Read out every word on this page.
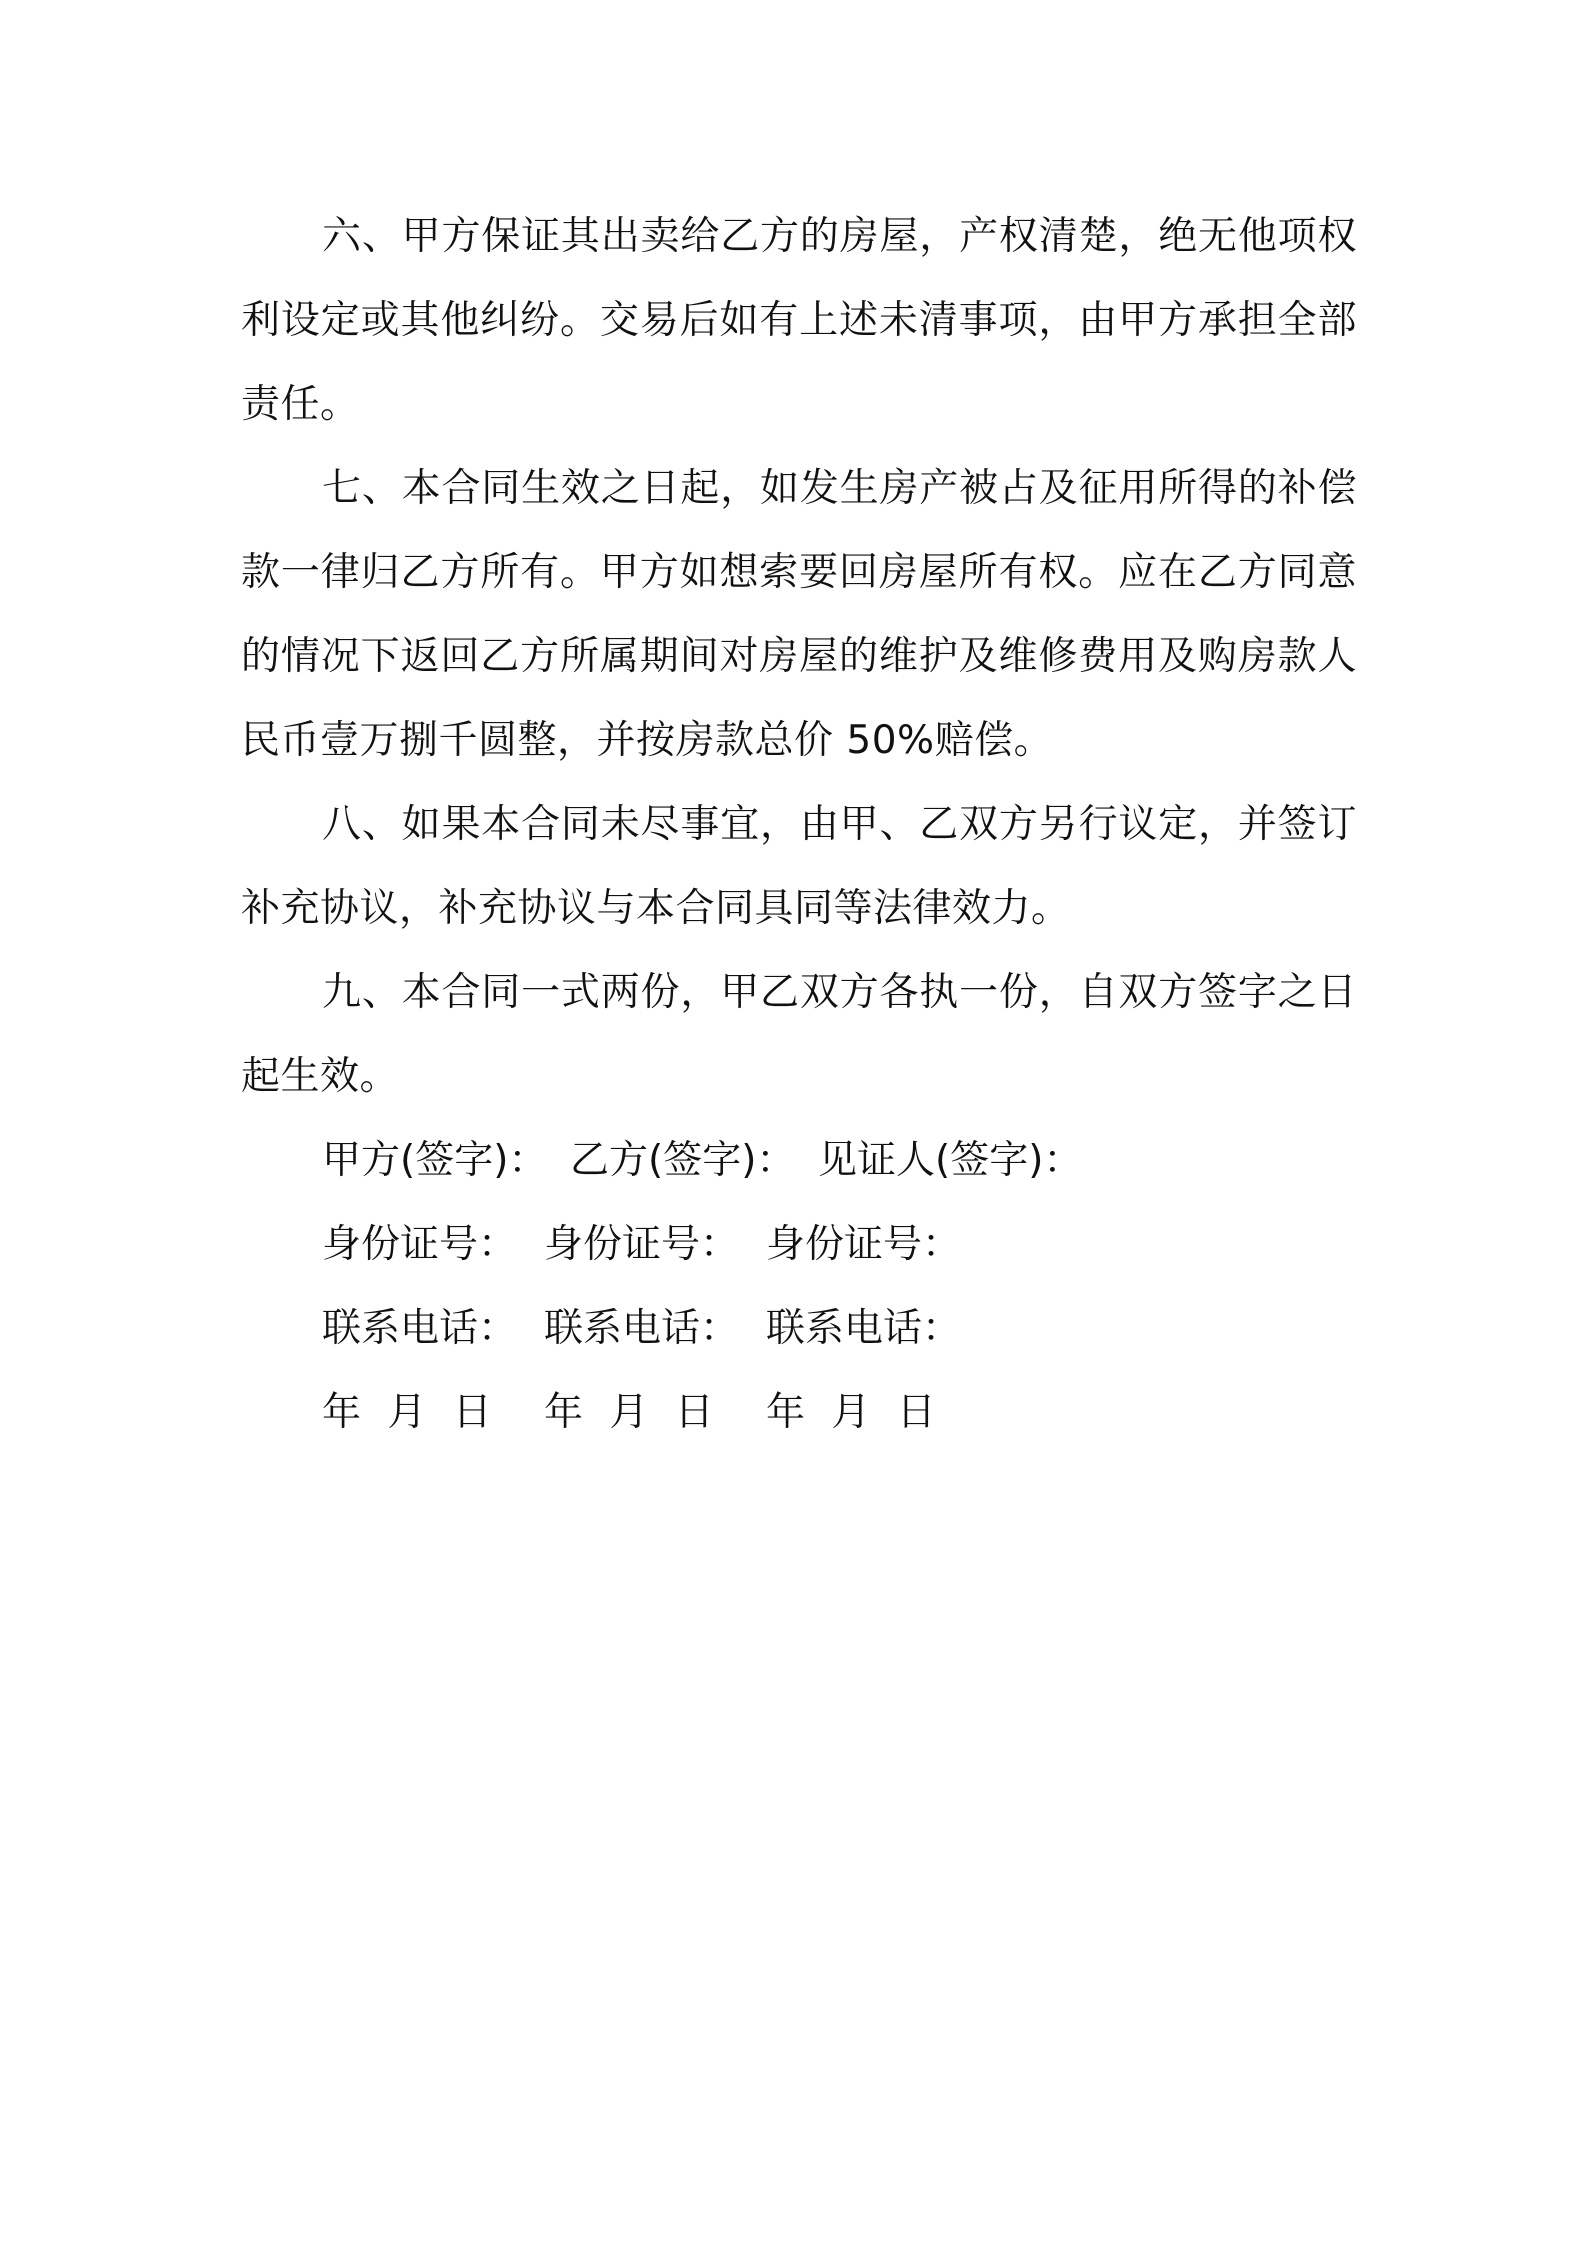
六、甲方保证其出卖给乙方的房屋，产权清楚，绝无他项权利设定或其他纠纷。交易后如有上述未清事项，由甲方承担全部责任。

七、本合同生效之日起，如发生房产被占及征用所得的补偿款一律归乙方所有。甲方如想索要回房屋所有权。应在乙方同意的情况下返回乙方所属期间对房屋的维护及维修费用及购房款人民币壹万捌千圆整，并按房款总价 50%赔偿。

八、如果本合同未尽事宜，由甲、乙双方另行议定，并签订补充协议，补充协议与本合同具同等法律效力。

九、本合同一式两份，甲乙双方各执一份，自双方签字之日起生效。

甲方(签字)： 乙方(签字)： 见证人(签字)：
身份证号： 身份证号： 身份证号：
联系电话： 联系电话： 联系电话：
年 月 日	年 月 日	年 月 日
